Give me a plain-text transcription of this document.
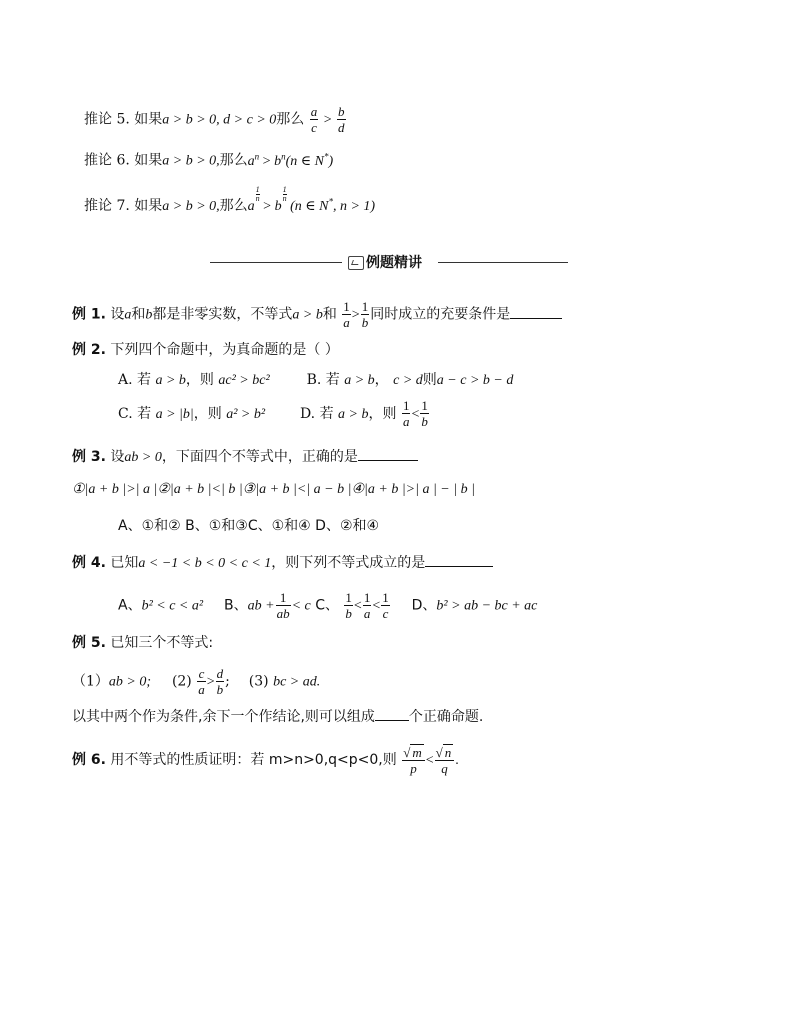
推论 5. 如果a > b > 0, d > c > 0那么 $\frac{a}{c} > \frac{b}{d}$
推论 6. 如果a > b > 0,那么$a^n > b^n(n$ ∈ N*)
推论 7. 如果a > b > 0,那么a
$\frac{1}{n}$
> b
$\frac{1}{n}$
(n ∈ N*, n > 1)
例题精讲
例 1. 设a和b都是非零实数，不等式a > b和 $\frac{1}{a} > \frac{1}{b}$ 同时成立的充要条件是
例 2. 下列四个命题中，为真命题的是（ ）
A. 若 a > b，则 ac² > bc²	B. 若 a > b， c > d则a − c > b − d
C. 若 a > |b|，则 a² > b² D. 若 a > b，则 $\frac{1}{a} < \frac{1}{b}$
例 3. 设ab > 0，下面四个不等式中，正确的是
①|a + b |>| a |②|a + b |<| b |③|a + b |<| a − b |④|a + b |>| a | − | b |
A、①和② B、①和③C、①和④ D、②和④
例 4. 已知a < −1 < b < 0 < c < 1，则下列不等式成立的是
A、b² < c < a² B、ab + $\frac{1}{ab} < c$ C、 $\frac{1}{b} < \frac{1}{a} < \frac{1}{c}$ D、b² > ab − bc + ac
例 5. 已知三个不等式:
（1）ab > 0; $(2) \frac{c}{a} > \frac{d}{b}$ ; (3) bc > ad.
以其中两个作为条件,余下一个作结论,则可以组成 个正确命题.
例 6. 用不等式的性质证明：若 m>n>0,q<p<0,则 $\frac{√ m}{p} < \frac{√ n}{q}$ .
